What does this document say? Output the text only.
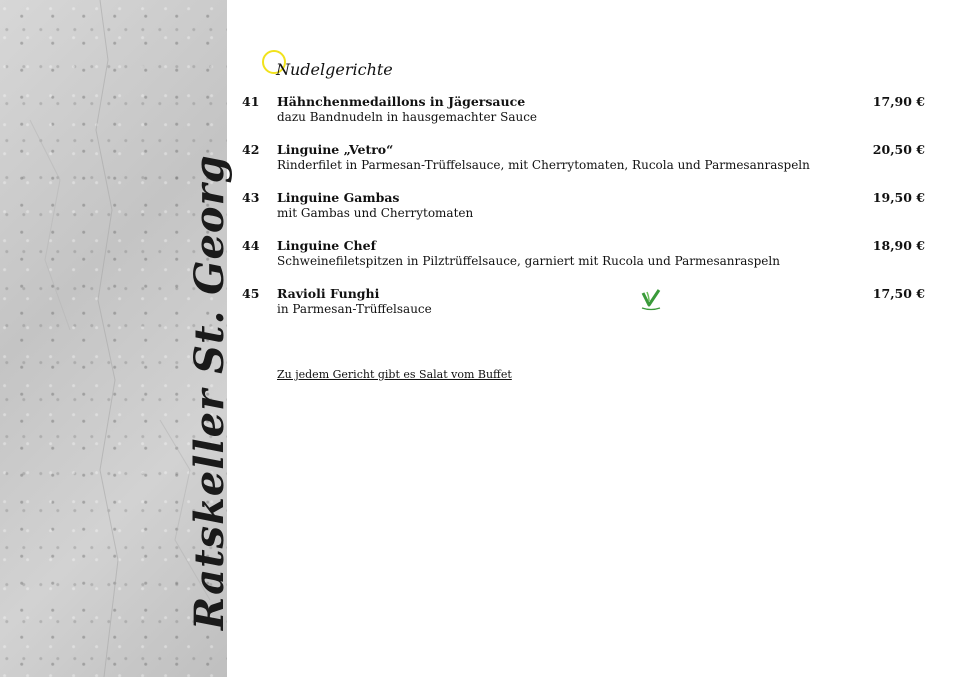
Ratskeller St. Georg
Nudelgerichte
41 Hähnchenmedaillons in Jägersauce
dazu Bandnudeln in hausgemachter Sauce
17,90 €
42 Linguine „Vetro“
Rinderfilet in Parmesan-Trüffelsauce, mit Cherrytomaten, Rucola und Parmesanraspeln
20,50 €
43 Linguine Gambas
mit Gambas und Cherrytomaten
19,50 €
44 Linguine Chef
Schweinefiletspitzen in Pilztrüffelsauce, garniert mit Rucola und Parmesanraspeln
18,90 €
45 Ravioli Funghi
in Parmesan-Trüffelsauce
17,50 €
Zu jedem Gericht gibt es Salat vom Buffet
